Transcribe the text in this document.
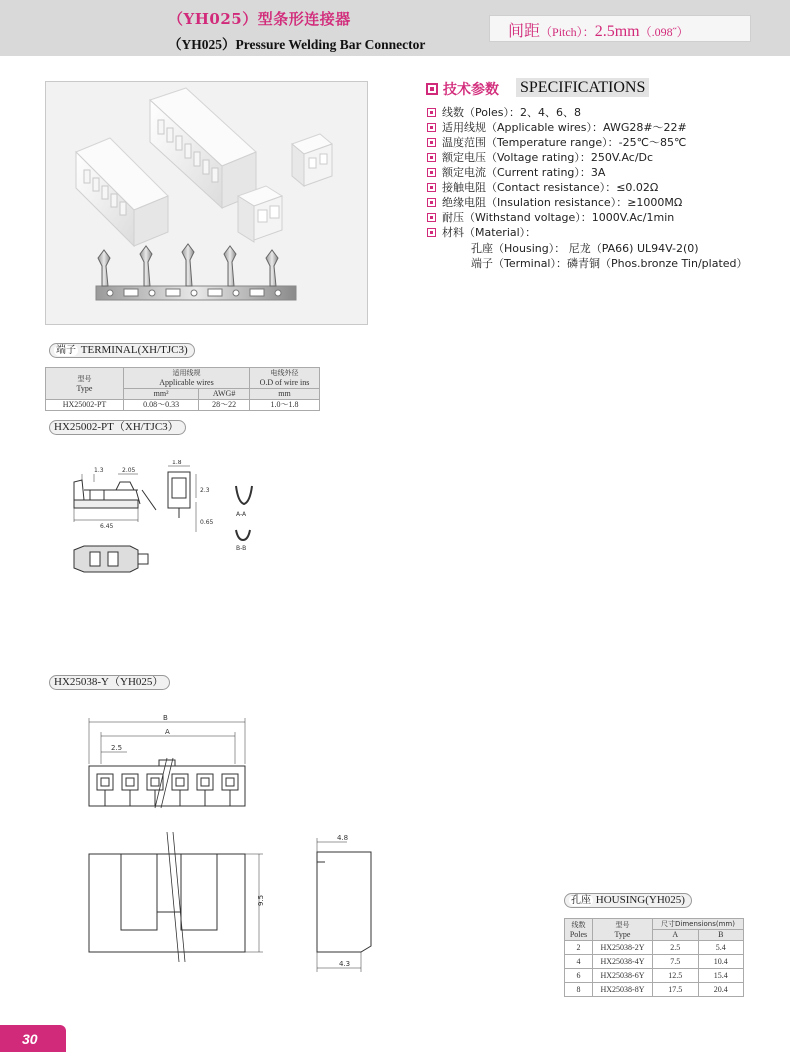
（YH025）型条形连接器
（YH025）Pressure Welding Bar Connector
间距（Pitch）：2.5mm（.098˝）
技术参数 SPECIFICATIONS
线数（Poles）：2、4、6、8
适用线规（Applicable wires）：AWG28#～22#
温度范围（Temperature range）：-25℃～85℃
额定电压（Voltage rating）：250V.Ac/Dc
额定电流（Current rating）：3A
接触电阻（Contact resistance）：≤0.02Ω
绝缘电阻（Insulation resistance）：≥1000MΩ
耐压（Withstand voltage）：1000V.Ac/1min
材料（Material）：
孔座（Housing）： 尼龙（PA66) UL94V-2(0)
端子（Terminal）：磷青铜（Phos.bronze Tin/plated）
端子 TERMINAL(XH/TJC3)
型号
Type	适用线规
Applicable wires		电线外径
O.D of wire ins
	mm²	AWG#	mm
HX25002-PT	0.08～0.33	28～22	1.0～1.8
HX25002-PT（XH/TJC3）
1.3	2.05
6.45
1.8
2.3
0.65
A-A
B-B
HX25038-Y（YH025）
B
A
2.5
4.8
9.5
4.3
孔座 HOUSING(YH025)
线数
Poles	型号
Type	尺寸Dimensions(mm)	
		A	B
2	HX25038-2Y	2.5	5.4
4	HX25038-4Y	7.5	10.4
6	HX25038-6Y	12.5	15.4
8	HX25038-8Y	17.5	20.4
30
